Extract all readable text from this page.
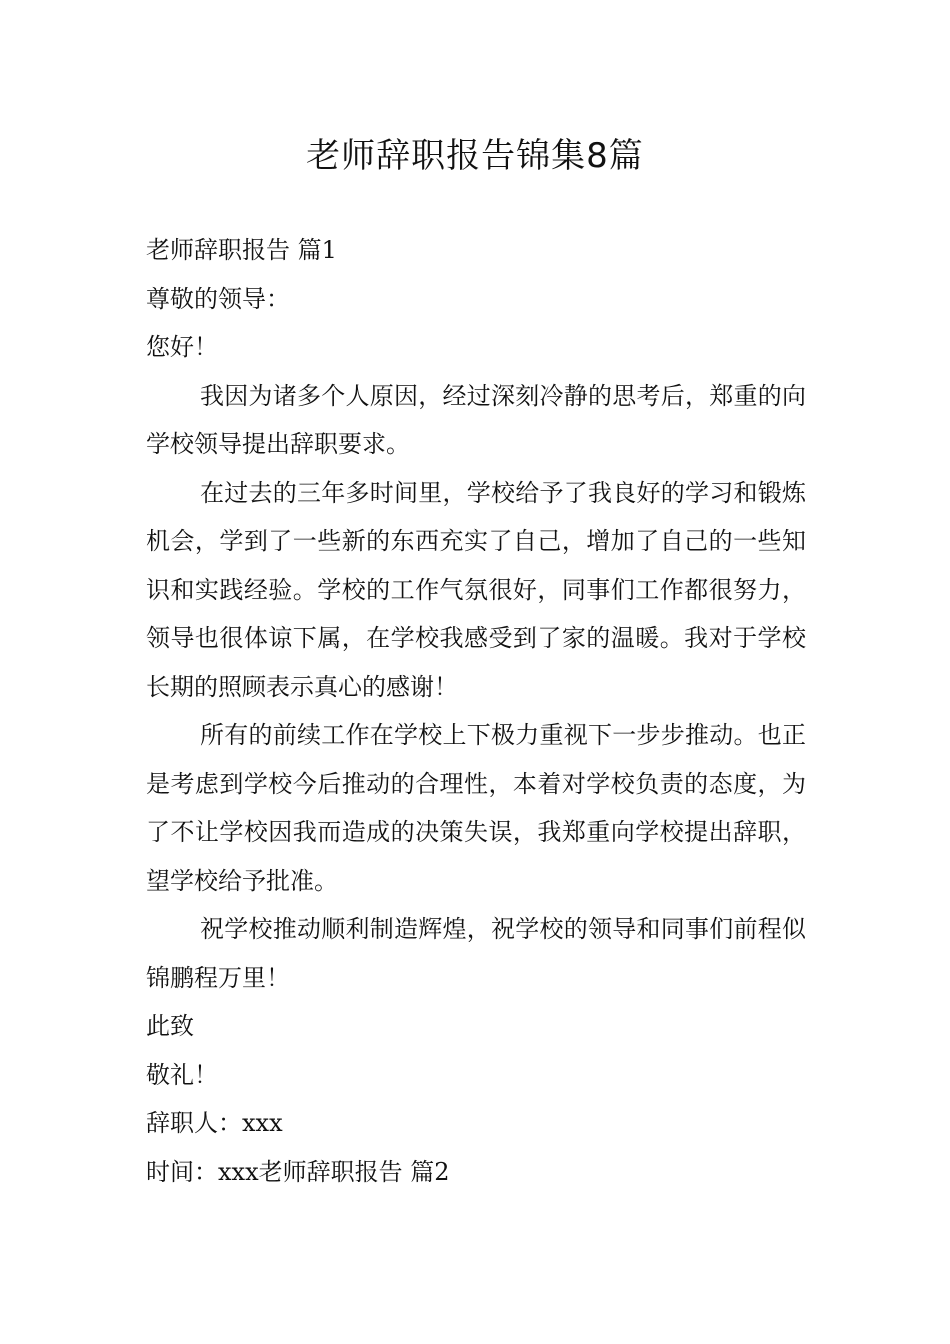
老师辞职报告锦集8篇

老师辞职报告 篇1

尊敬的领导：

您好！

我因为诸多个人原因，经过深刻冷静的思考后，郑重的向学校领导提出辞职要求。

在过去的三年多时间里，学校给予了我良好的学习和锻炼机会，学到了一些新的东西充实了自己，增加了自己的一些知识和实践经验。学校的工作气氛很好，同事们工作都很努力，领导也很体谅下属，在学校我感受到了家的温暖。我对于学校长期的照顾表示真心的感谢！

所有的前续工作在学校上下极力重视下一步步推动。也正是考虑到学校今后推动的合理性，本着对学校负责的态度，为了不让学校因我而造成的决策失误，我郑重向学校提出辞职，望学校给予批准。

祝学校推动顺利制造辉煌，祝学校的领导和同事们前程似锦鹏程万里！

此致

敬礼！

辞职人：xxx

时间：xxx老师辞职报告 篇2
